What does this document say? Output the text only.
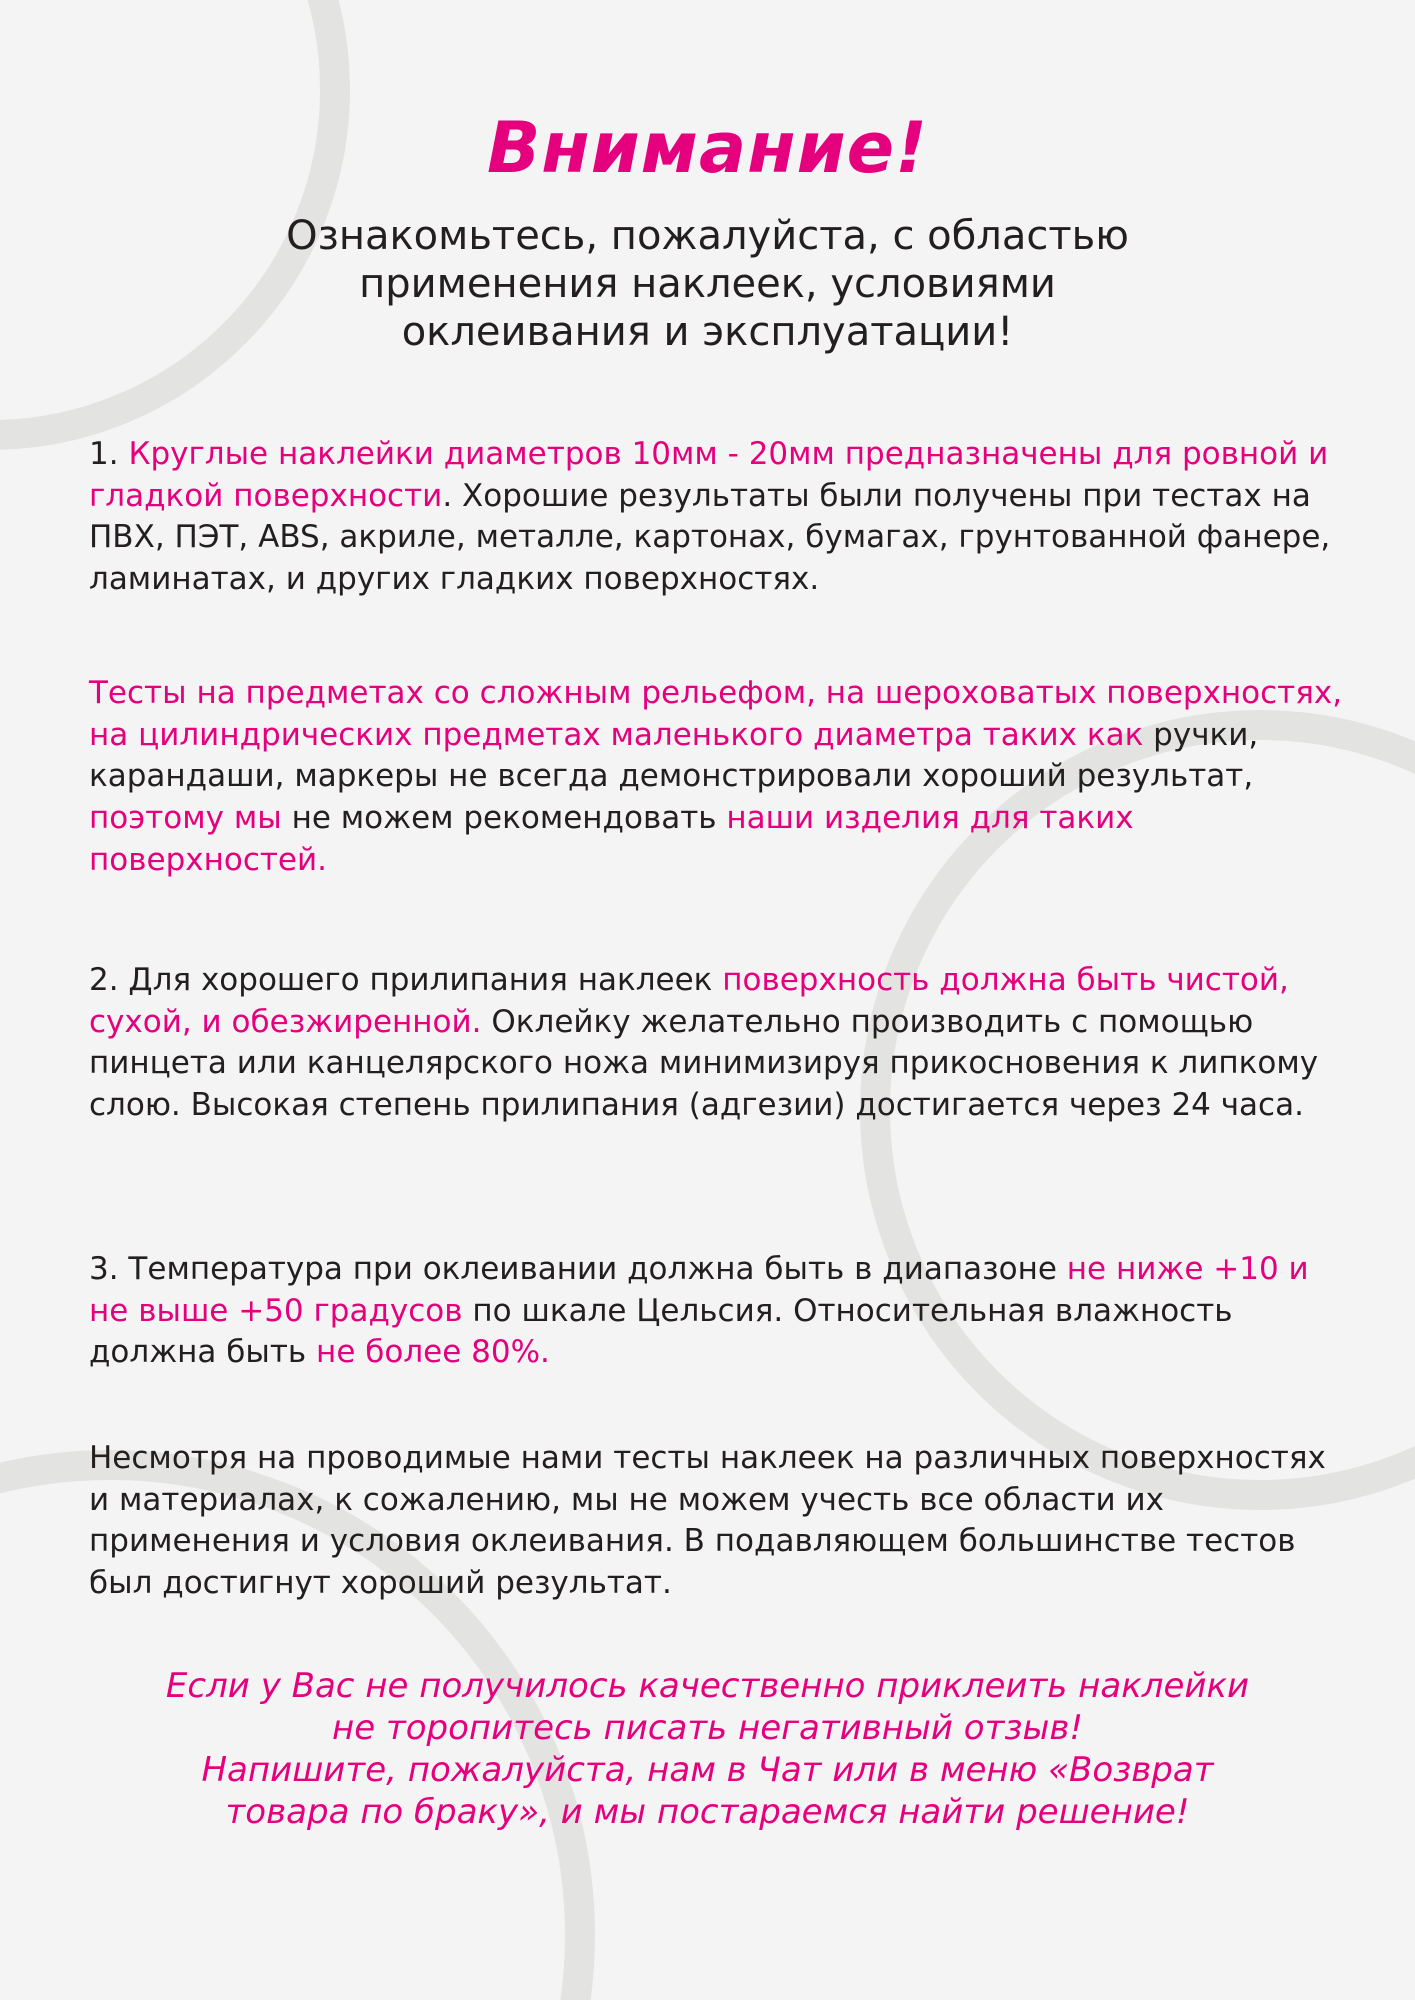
Внимание!
Ознакомьтесь, пожалуйста, с областью
применения наклеек, условиями
оклеивания и эксплуатации!

1. Круглые наклейки диаметров 10мм - 20мм предназначены для ровной и гладкой поверхности. Хорошие результаты были получены при тестах на ПВХ, ПЭТ, ABS, акриле, металле, картонах, бумагах, грунтованной фанере, ламинатах, и других гладких поверхностях.

Тесты на предметах со сложным рельефом, на шероховатых поверхностях, на цилиндрических предметах маленького диаметра таких как ручки, карандаши, маркеры не всегда демонстрировали хороший результат, поэтому мы не можем рекомендовать наши изделия для таких поверхностей.

2. Для хорошего прилипания наклеек поверхность должна быть чистой, сухой, и обезжиренной. Оклейку желательно производить с помощью пинцета или канцелярского ножа минимизируя прикосновения к липкому слою. Высокая степень прилипания (адгезии) достигается через 24 часа.

3. Температура при оклеивании должна быть в диапазоне не ниже +10 и не выше +50 градусов по шкале Цельсия. Относительная влажность должна быть не более 80%.

Несмотря на проводимые нами тесты наклеек на различных поверхностях и материалах, к сожалению, мы не можем учесть все области их применения и условия оклеивания. В подавляющем большинстве тестов был достигнут хороший результат.

Если у Вас не получилось качественно приклеить наклейки
не торопитесь писать негативный отзыв!
Напишите, пожалуйста, нам в Чат или в меню «Возврат
товара по браку», и мы постараемся найти решение!
